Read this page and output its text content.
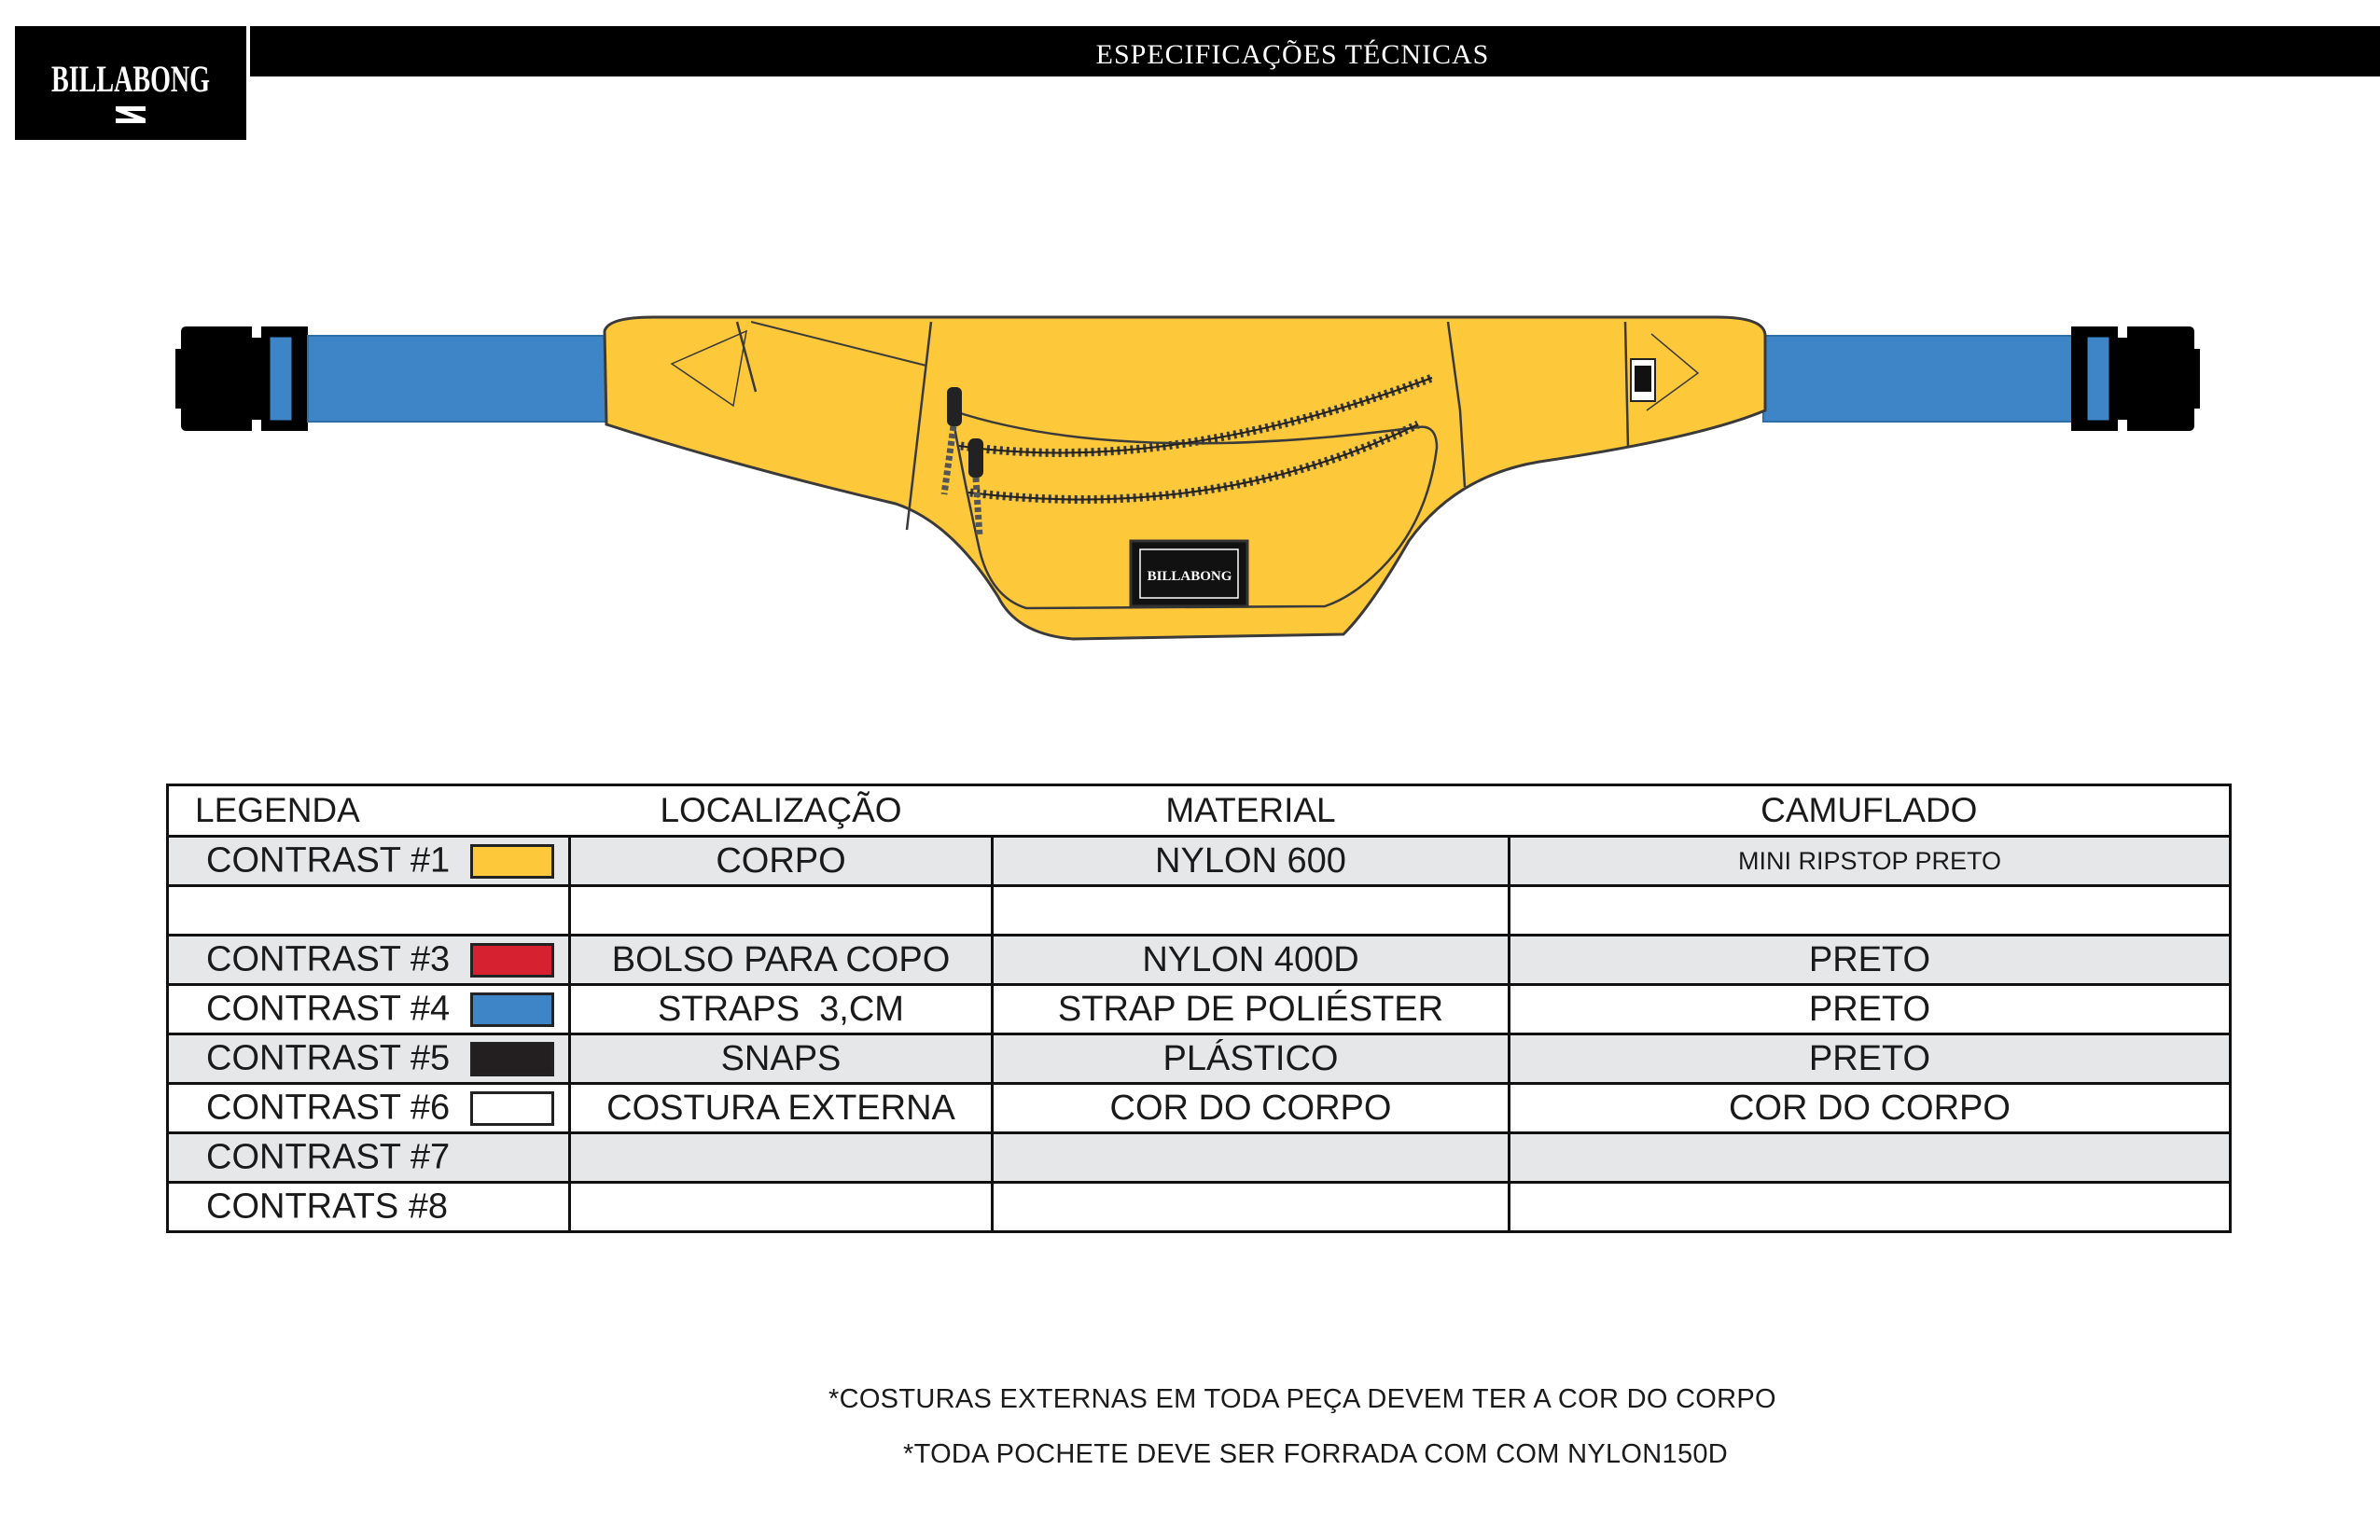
BILLABONG
ESPECIFICAÇÕES TÉCNICAS
BILLABONG
LEGENDA	LOCALIZAÇÃO	MATERIAL	CAMUFLADO

CONTRAST #1	CORPO	NYLON 600	MINI RIPSTOP PRETO

CONTRAST #3	BOLSO PARA COPO	NYLON 400D	PRETO

CONTRAST #4	STRAPS  3,CM	STRAP DE POLIÉSTER	PRETO

CONTRAST #5	SNAPS	PLÁSTICO	PRETO

CONTRAST #6	COSTURA EXTERNA	COR DO CORPO	COR DO CORPO

CONTRAST #7			

CONTRATS #8			

*COSTURAS EXTERNAS EM TODA PEÇA DEVEM TER A COR DO CORPO
*TODA POCHETE DEVE SER FORRADA COM COM NYLON150D
